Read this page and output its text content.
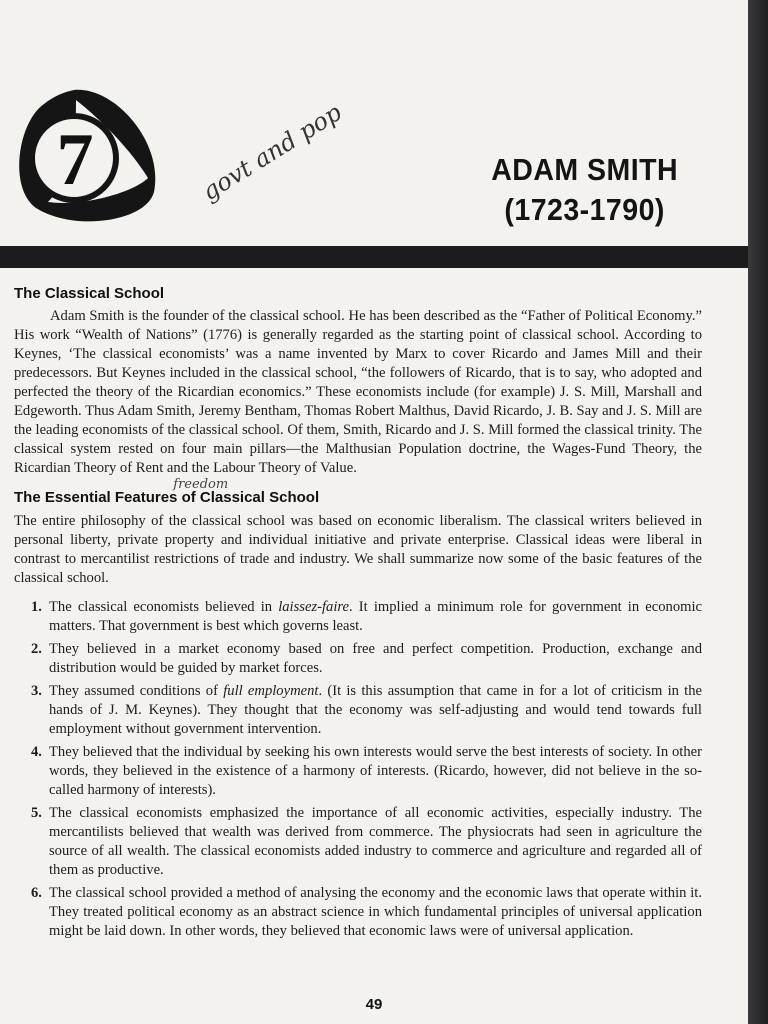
7	ADAM SMITH
(1723-1790)
govt and pop
The Classical School

Adam Smith is the founder of the classical school. He has been described as the “Father of Political Economy.” His work “Wealth of Nations” (1776) is generally regarded as the starting point of classical school. According to Keynes, ‘The classical economists’ was a name invented by Marx to cover Ricardo and James Mill and their predecessors. But Keynes included in the classical school, “the followers of Ricardo, that is to say, who adopted and perfected the theory of the Ricardian economics.” These economists include (for example) J. S. Mill, Marshall and Edgeworth. Thus Adam Smith, Jeremy Bentham, Thomas Robert Malthus, David Ricardo, J. B. Say and J. S. Mill are the leading economists of the classical school. Of them, Smith, Ricardo and J. S. Mill formed the classical trinity. The classical system rested on four main pillars—the Malthusian Population doctrine, the Wages-Fund Theory, the Ricardian Theory of Rent and the Labour Theory of Value.

The Essential Features of Classical School freedom

The entire philosophy of the classical school was based on economic liberalism. The classical writers believed in personal liberty, private property and individual initiative and private enterprise. Classical ideas were liberal in contrast to mercantilist restrictions of trade and industry. We shall summarize now some of the basic features of the classical school.

1. The classical economists believed in laissez-faire. It implied a minimum role for government in economic matters. That government is best which governs least.
2. They believed in a market economy based on free and perfect competition. Production, exchange and distribution would be guided by market forces.
3. They assumed conditions of full employment. (It is this assumption that came in for a lot of criticism in the hands of J. M. Keynes). They thought that the economy was self-adjusting and would tend towards full employment without government intervention.
4. They believed that the individual by seeking his own interests would serve the best interests of society. In other words, they believed in the existence of a harmony of interests. (Ricardo, however, did not believe in the so-called harmony of interests).
5. The classical economists emphasized the importance of all economic activities, especially industry. The mercantilists believed that wealth was derived from commerce. The physiocrats had seen in agriculture the source of all wealth. The classical economists added industry to commerce and agriculture and regarded all of them as productive.
6. The classical school provided a method of analysing the economy and the economic laws that operate within it. They treated political economy as an abstract science in which fundamental principles of universal application might be laid down. In other words, they believed that economic laws were of universal application.
49
